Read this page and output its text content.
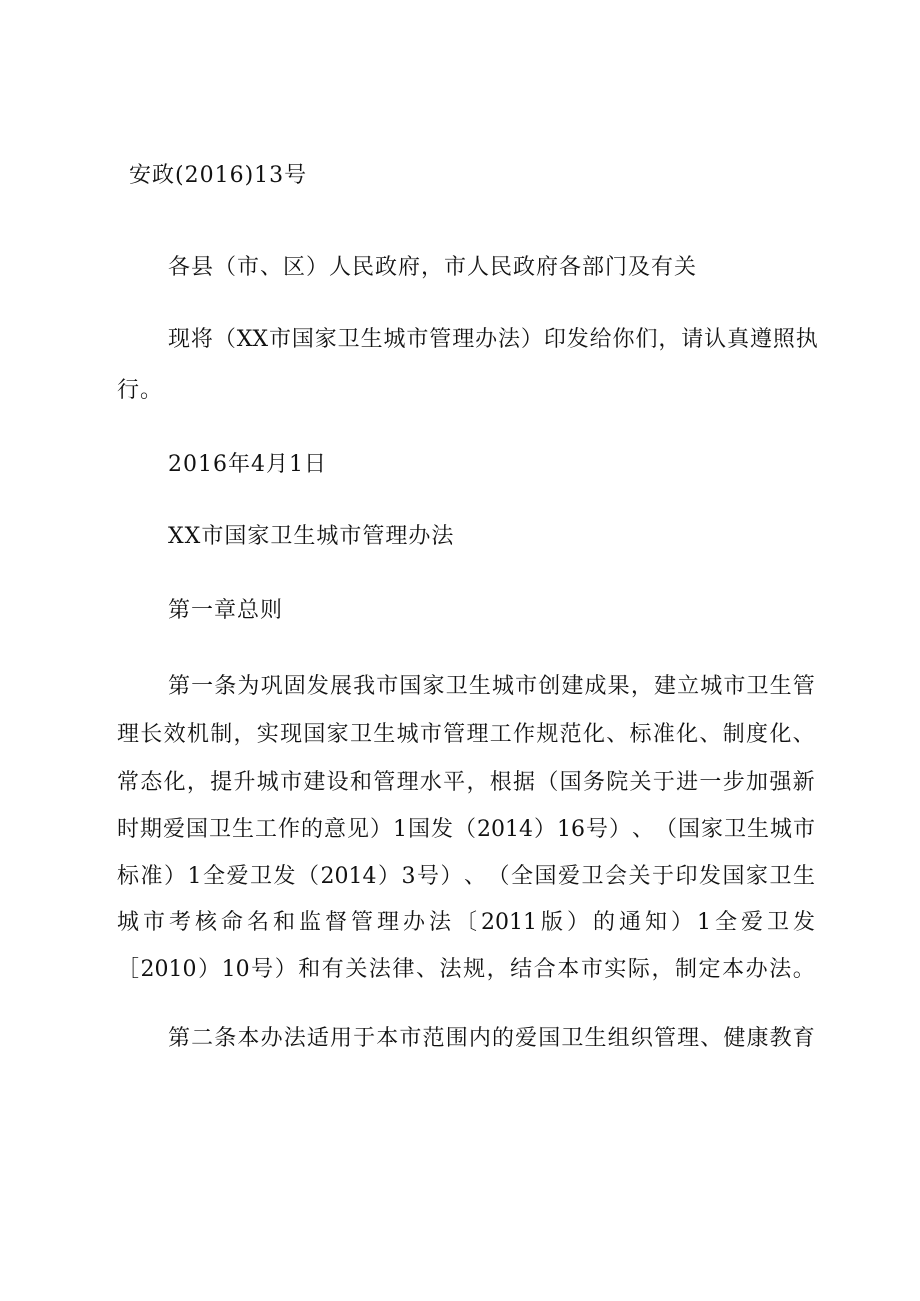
安政(2016)13号
各县（市、区）人民政府，市人民政府各部门及有关
现 将 （ XX 市 国 家 卫 生 城 市 管 理 办 法 ） 印 发 给 你 们 ， 请 认 真 遵 照 执
行。
2016年4月1日
XX市国家卫生城市管理办法
第一章总则
第 一 条 为 巩 固 发 展 我 市 国 家 卫 生 城 市 创 建 成 果 ， 建 立 城 市 卫 生 管
理 长 效 机 制 ， 实 现 国 家 卫 生 城 市 管 理 工 作 规 范 化 、 标 准 化 、 制 度 化 、
常 态 化 ， 提 升 城 市 建 设 和 管 理 水 平 ， 根 据 （ 国 务 院 关 于 进 一 步 加 强 新
时 期 爱 国 卫 生 工 作 的 意 见 ） 1 国 发 （ 2014 ） 16 号 ） 、 （ 国 家 卫 生 城 市
标 准 ） 1 全 爱 卫 发 （ 2014 ） 3 号 ） 、 （ 全 国 爱 卫 会 关 于 印 发 国 家 卫 生
城 市 考 核 命 名 和 监 督 管 理 办 法 〔 2011 版 ） 的 通 知 ） 1 全 爱 卫 发
［ 2010 ） 10 号 ） 和 有 关 法 律 、 法 规 ， 结 合 本 市 实 际 ， 制 定 本 办 法 。
第 二 条 本 办 法 适 用 于 本 市 范 围 内 的 爱 国 卫 生 组 织 管 理 、 健 康 教 育
